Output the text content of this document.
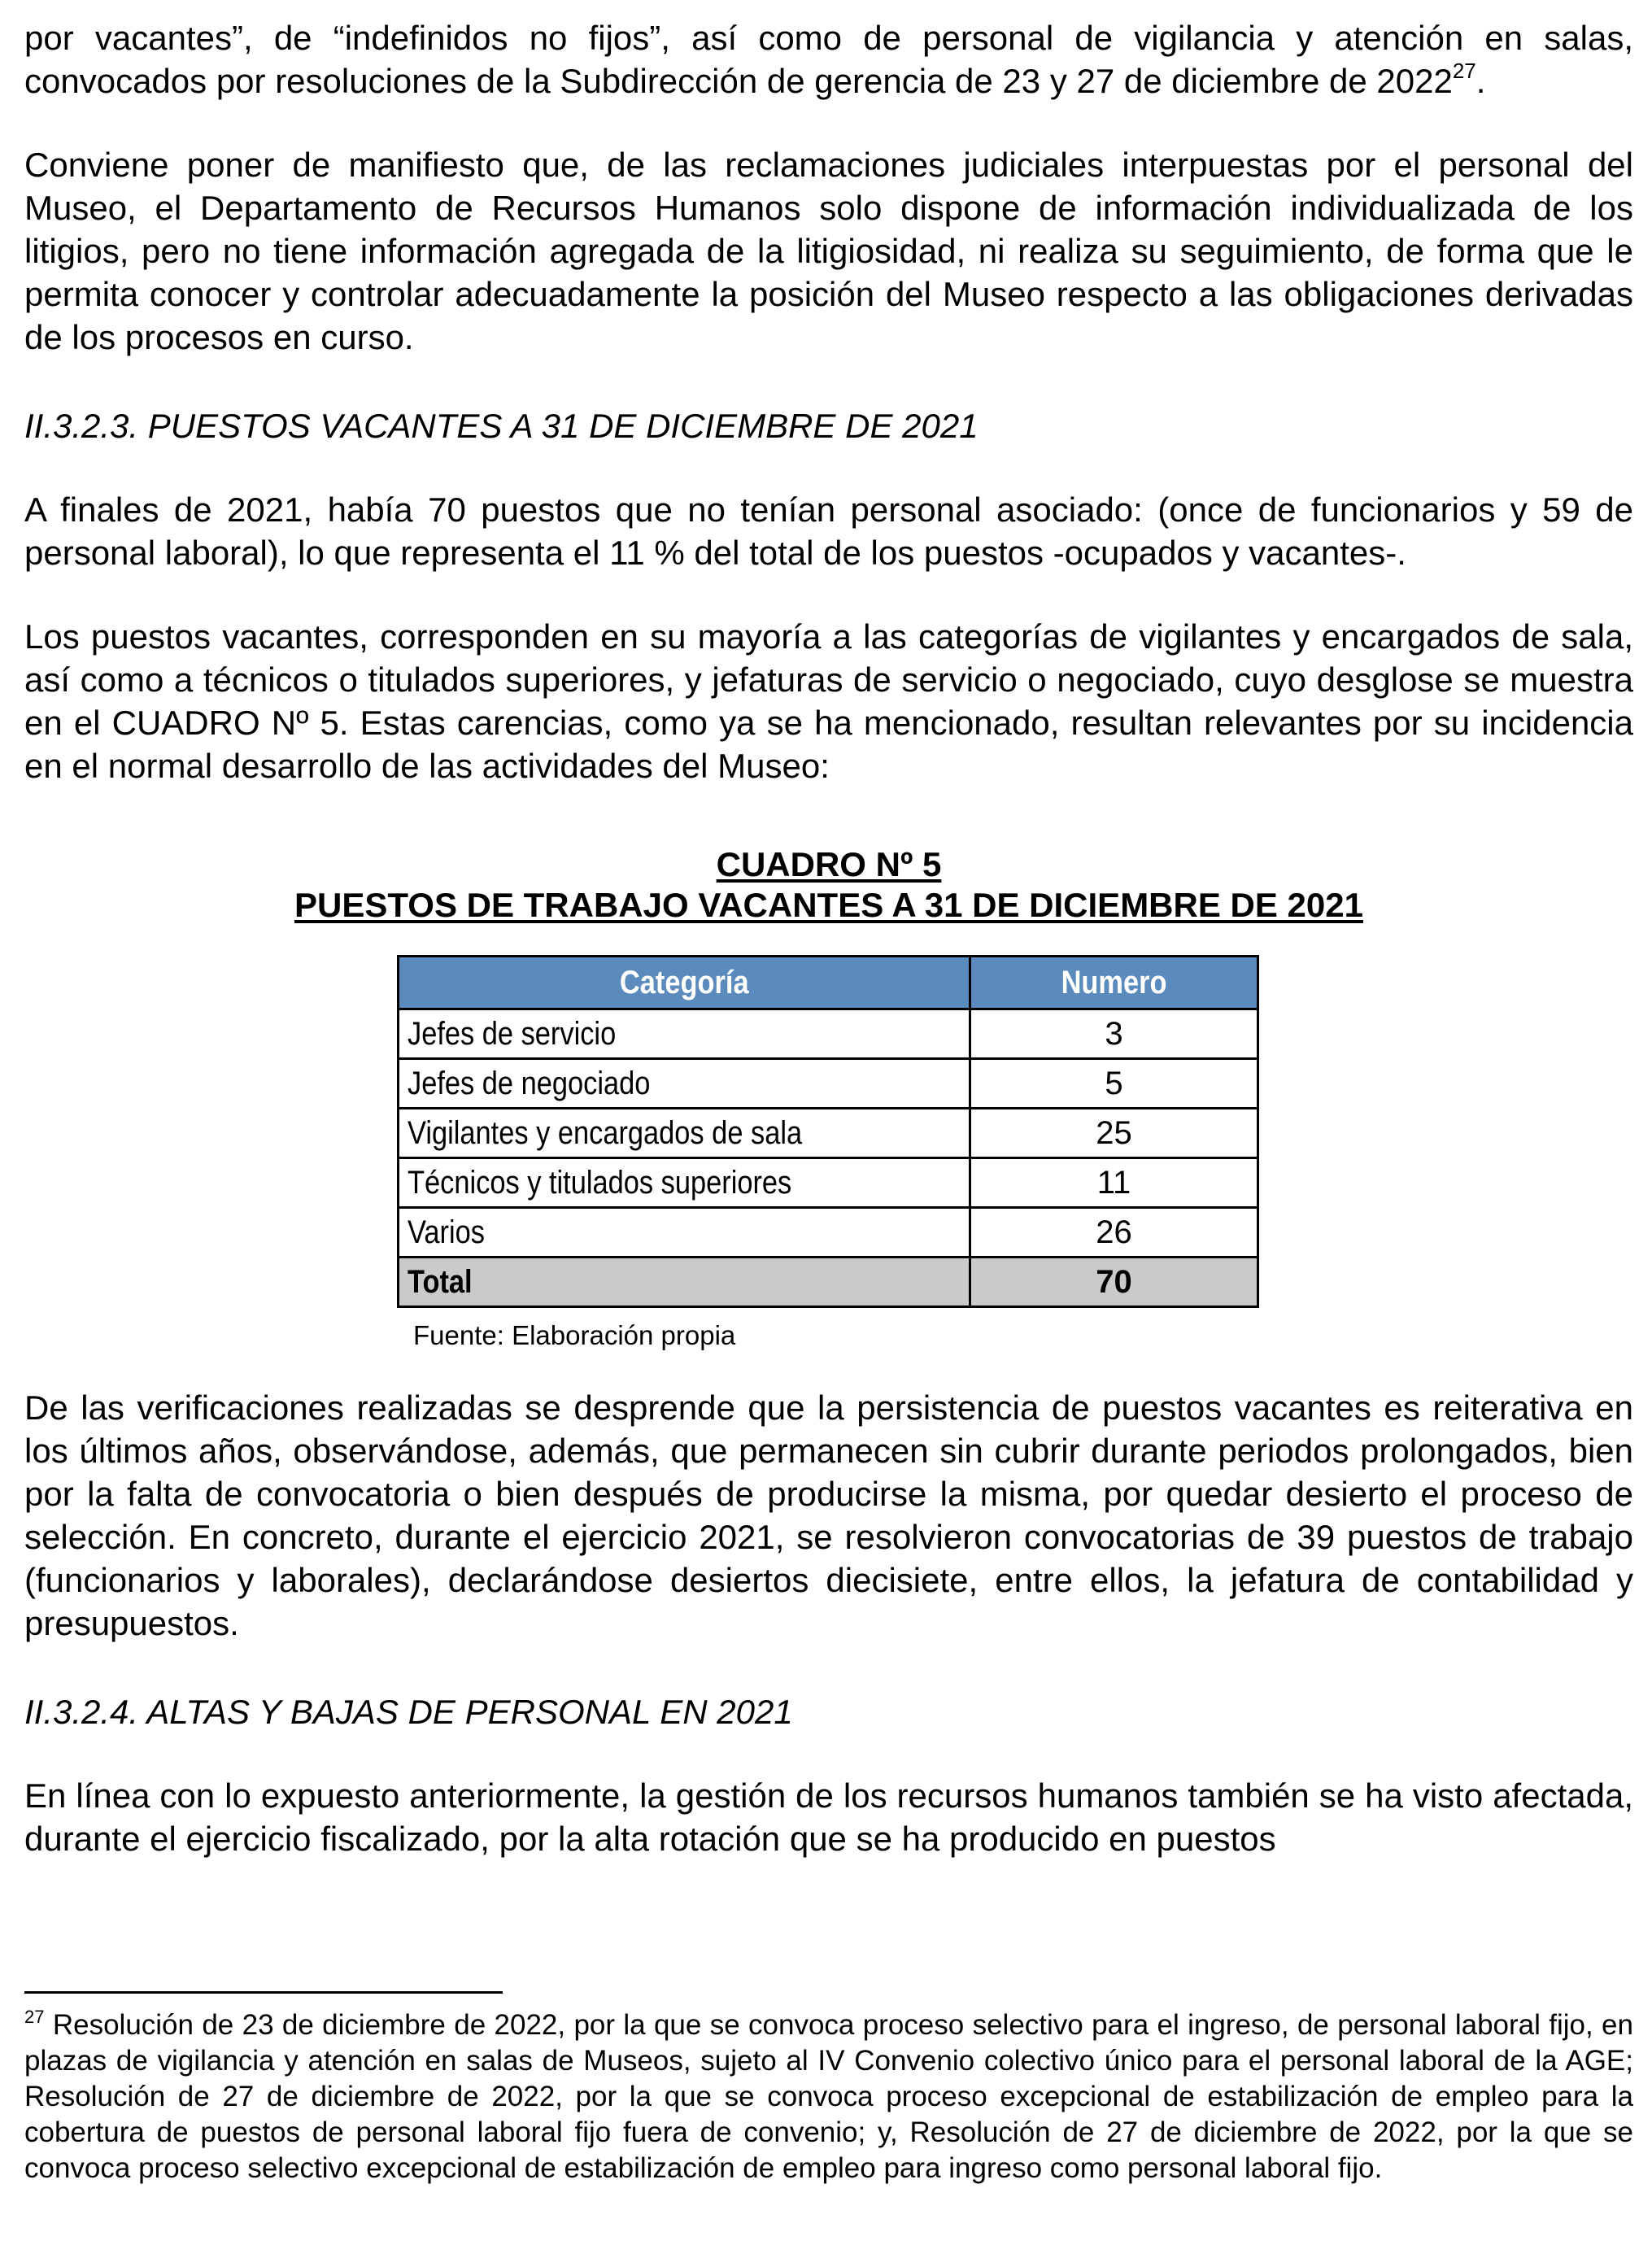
por vacantes”, de “indefinidos no fijos”, así como de personal de vigilancia y atención en salas, convocados por resoluciones de la Subdirección de gerencia de 23 y 27 de diciembre de 2022$^{27}$.

Conviene poner de manifiesto que, de las reclamaciones judiciales interpuestas por el personal del Museo, el Departamento de Recursos Humanos solo dispone de información individualizada de los litigios, pero no tiene información agregada de la litigiosidad, ni realiza su seguimiento, de forma que le permita conocer y controlar adecuadamente la posición del Museo respecto a las obligaciones derivadas de los procesos en curso.

II.3.2.3. PUESTOS VACANTES A 31 DE DICIEMBRE DE 2021

A finales de 2021, había 70 puestos que no tenían personal asociado: (once de funcionarios y 59 de personal laboral), lo que representa el 11 % del total de los puestos -ocupados y vacantes-.

Los puestos vacantes, corresponden en su mayoría a las categorías de vigilantes y encargados de sala, así como a técnicos o titulados superiores, y jefaturas de servicio o negociado, cuyo desglose se muestra en el CUADRO Nº 5. Estas carencias, como ya se ha mencionado, resultan relevantes por su incidencia en el normal desarrollo de las actividades del Museo:

CUADRO Nº 5
PUESTOS DE TRABAJO VACANTES A 31 DE DICIEMBRE DE 2021
Categoría	Numero
Jefes de servicio	3
Jefes de negociado	5
Vigilantes y encargados de sala	25
Técnicos y titulados superiores	11
Varios	26
Total	70

Fuente: Elaboración propia

De las verificaciones realizadas se desprende que la persistencia de puestos vacantes es reiterativa en los últimos años, observándose, además, que permanecen sin cubrir durante periodos prolongados, bien por la falta de convocatoria o bien después de producirse la misma, por quedar desierto el proceso de selección. En concreto, durante el ejercicio 2021, se resolvieron convocatorias de 39 puestos de trabajo (funcionarios y laborales), declarándose desiertos diecisiete, entre ellos, la jefatura de contabilidad y presupuestos.

II.3.2.4. ALTAS Y BAJAS DE PERSONAL EN 2021

En línea con lo expuesto anteriormente, la gestión de los recursos humanos también se ha visto afectada, durante el ejercicio fiscalizado, por la alta rotación que se ha producido en puestos

$^{27}$ Resolución de 23 de diciembre de 2022, por la que se convoca proceso selectivo para el ingreso, de personal laboral fijo, en plazas de vigilancia y atención en salas de Museos, sujeto al IV Convenio colectivo único para el personal laboral de la AGE; Resolución de 27 de diciembre de 2022, por la que se convoca proceso excepcional de estabilización de empleo para la cobertura de puestos de personal laboral fijo fuera de convenio; y, Resolución de 27 de diciembre de 2022, por la que se convoca proceso selectivo excepcional de estabilización de empleo para ingreso como personal laboral fijo.
